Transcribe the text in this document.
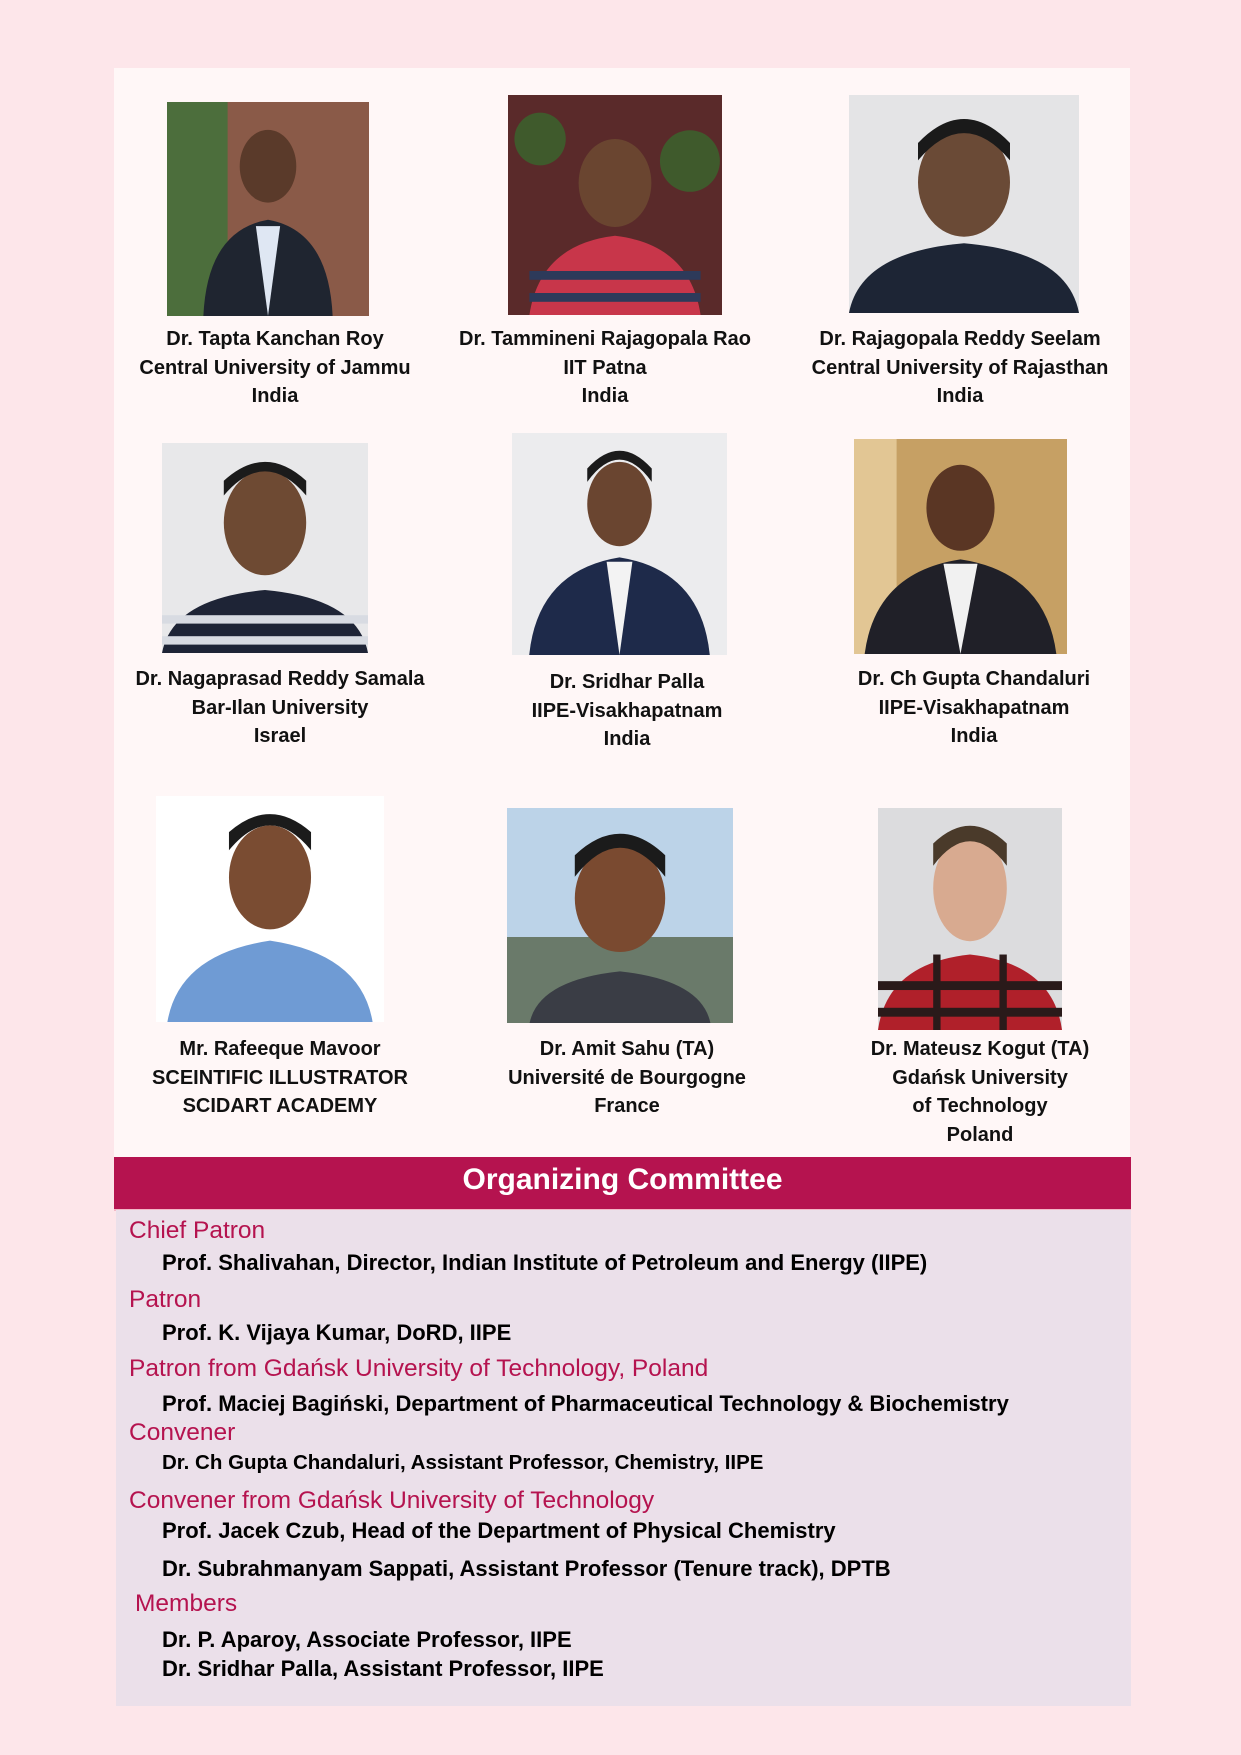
Dr. Tapta Kanchan Roy
Central University of Jammu
India
Dr. Tammineni Rajagopala Rao
IIT Patna
India
Dr. Rajagopala Reddy Seelam
Central University of Rajasthan
India
Dr. Nagaprasad Reddy Samala
Bar-Ilan University
Israel
Dr. Sridhar Palla
IIPE-Visakhapatnam
India
Dr. Ch Gupta Chandaluri
IIPE-Visakhapatnam
India
Mr. Rafeeque Mavoor
SCEINTIFIC ILLUSTRATOR
SCIDART ACADEMY
Dr. Amit Sahu (TA)
Université de Bourgogne
France
Dr. Mateusz Kogut (TA)
Gdańsk University
of Technology
Poland
Organizing Committee
Chief Patron
Prof. Shalivahan, Director, Indian Institute of Petroleum and Energy (IIPE)
Patron
Prof. K. Vijaya Kumar, DoRD, IIPE
Patron from Gdańsk University of Technology, Poland
Prof. Maciej Bagiński, Department of Pharmaceutical Technology & Biochemistry
Convener
Dr. Ch Gupta Chandaluri, Assistant Professor, Chemistry, IIPE
Convener from Gdańsk University of Technology
Prof. Jacek Czub, Head of the Department of Physical Chemistry
Dr. Subrahmanyam Sappati, Assistant Professor (Tenure track), DPTB
Members
Dr. P. Aparoy, Associate Professor, IIPE
Dr. Sridhar Palla, Assistant Professor, IIPE
